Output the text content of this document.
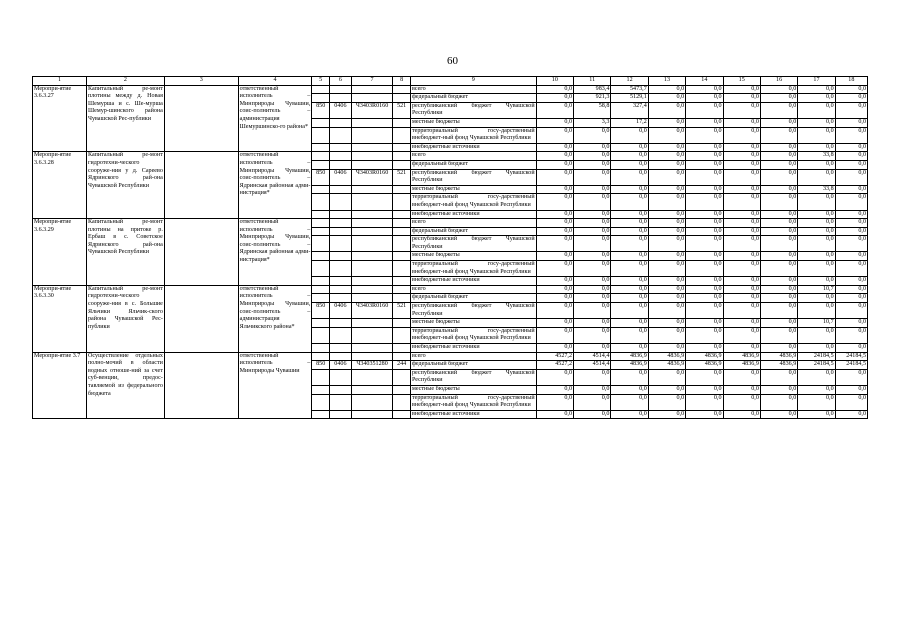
60
1	2	3	4	5	6	7	8	9	10	11	12	13	14	15	16	17	18
Меропри-ятие 3.6.3.27	Капитальный ре-монт плотины между д. Новая Шемурша и с. Ше-мурша Шемур-шинского района Чувашской Рес-публики		ответственный исполнитель – Минприроды Чувашии, соис-полнитель – администрация Шемуршинско-го района*					всего	0,0	983,4	5473,7	0,0	0,0	0,0	0,0	0,0	0,0
								федеральный бюджет	0,0	921,3	5129,1	0,0	0,0	0,0	0,0	0,0	0,0
				850	0406	Ч3403R0160	521	республиканский бюджет Чувашской Республики	0,0	58,8	327,4	0,0	0,0	0,0	0,0	0,0	0,0
								местные бюджеты	0,0	3,3	17,2	0,0	0,0	0,0	0,0	0,0	0,0
								территориальный госу-дарственный внебюджет-ный фонд Чувашской Республики	0,0	0,0	0,0	0,0	0,0	0,0	0,0	0,0	0,0
								внебюджетные источники	0,0	0,0	0,0	0,0	0,0	0,0	0,0	0,0	0,0
Меропри-ятие 3.6.3.28	Капитальный ре-монт гидротехни-ческого сооруже-ния у д. Сареево Ядринского рай-она Чувашской Республики		ответственный исполнитель – Минприроды Чувашии, соис-полнитель – Ядринская районная адми-нистрация*					всего	0,0	0,0	0,0	0,0	0,0	0,0	0,0	33,8	0,0
								федеральный бюджет	0,0	0,0	0,0	0,0	0,0	0,0	0,0	0,0	0,0
				850	0406	Ч3403R0160	521	республиканский бюджет Чувашской Республики	0,0	0,0	0,0	0,0	0,0	0,0	0,0	0,0	0,0
								местные бюджеты	0,0	0,0	0,0	0,0	0,0	0,0	0,0	33,8	0,0
								территориальный госу-дарственный внебюджет-ный фонд Чувашской Республики	0,0	0,0	0,0	0,0	0,0	0,0	0,0	0,0	0,0
								внебюджетные источники	0,0	0,0	0,0	0,0	0,0	0,0	0,0	0,0	0,0
Меропри-ятие 3.6.3.29	Капитальный ре-монт плотины на притоке р. Ербаш в с. Советское Ядринского рай-она Чувашской Республики		ответственный исполнитель – Минприроды Чувашии, соис-полнитель – Ядринская районная адми-нистрация*					всего	0,0	0,0	0,0	0,0	0,0	0,0	0,0	0,0	0,0
								федеральный бюджет	0,0	0,0	0,0	0,0	0,0	0,0	0,0	0,0	0,0
								республиканский бюджет Чувашской Республики	0,0	0,0	0,0	0,0	0,0	0,0	0,0	0,0	0,0
								местные бюджеты	0,0	0,0	0,0	0,0	0,0	0,0	0,0	0,0	0,0
								территориальный госу-дарственный внебюджет-ный фонд Чувашской Республики	0,0	0,0	0,0	0,0	0,0	0,0	0,0	0,0	0,0
								внебюджетные источники	0,0	0,0	0,0	0,0	0,0	0,0	0,0	0,0	0,0
Меропри-ятие 3.6.3.30	Капитальный ре-монт гидротехни-ческого сооруже-ния в с. Большие Яльчики Яльчик-ского района Чувашской Рес-публики		ответственный исполнитель – Минприроды Чувашии, соис-полнитель – администрация Яльчикского района*					всего	0,0	0,0	0,0	0,0	0,0	0,0	0,0	10,7	0,0
								федеральный бюджет	0,0	0,0	0,0	0,0	0,0	0,0	0,0	0,0	0,0
				850	0406	Ч3403R0160	521	республиканский бюджет Чувашской Республики	0,0	0,0	0,0	0,0	0,0	0,0	0,0	0,0	0,0
								местные бюджеты	0,0	0,0	0,0	0,0	0,0	0,0	0,0	10,7	0,0
								территориальный госу-дарственный внебюджет-ный фонд Чувашской Республики	0,0	0,0	0,0	0,0	0,0	0,0	0,0	0,0	0,0
								внебюджетные источники	0,0	0,0	0,0	0,0	0,0	0,0	0,0	0,0	0,0
Меропри-ятие 3.7	Осуществление отдельных полно-мочий в области водных отноше-ний за счет суб-венции, предос-тавляемой из федерального бюджета		ответственный исполнитель – Минприроды Чувашии					всего	4527,2	4514,4	4836,9	4836,9	4836,9	4836,9	4836,9	24184,5	24184,5
				850	0406	Ч340351280	244	федеральный бюджет	4527,2	4514,4	4836,9	4836,9	4836,9	4836,9	4836,9	24184,5	24184,5
								республиканский бюджет Чувашской Республики	0,0	0,0	0,0	0,0	0,0	0,0	0,0	0,0	0,0
								местные бюджеты	0,0	0,0	0,0	0,0	0,0	0,0	0,0	0,0	0,0
								территориальный госу-дарственный внебюджет-ный фонд Чувашской Республики	0,0	0,0	0,0	0,0	0,0	0,0	0,0	0,0	0,0
								внебюджетные источники	0,0	0,0	0,0	0,0	0,0	0,0	0,0	0,0	0,0
